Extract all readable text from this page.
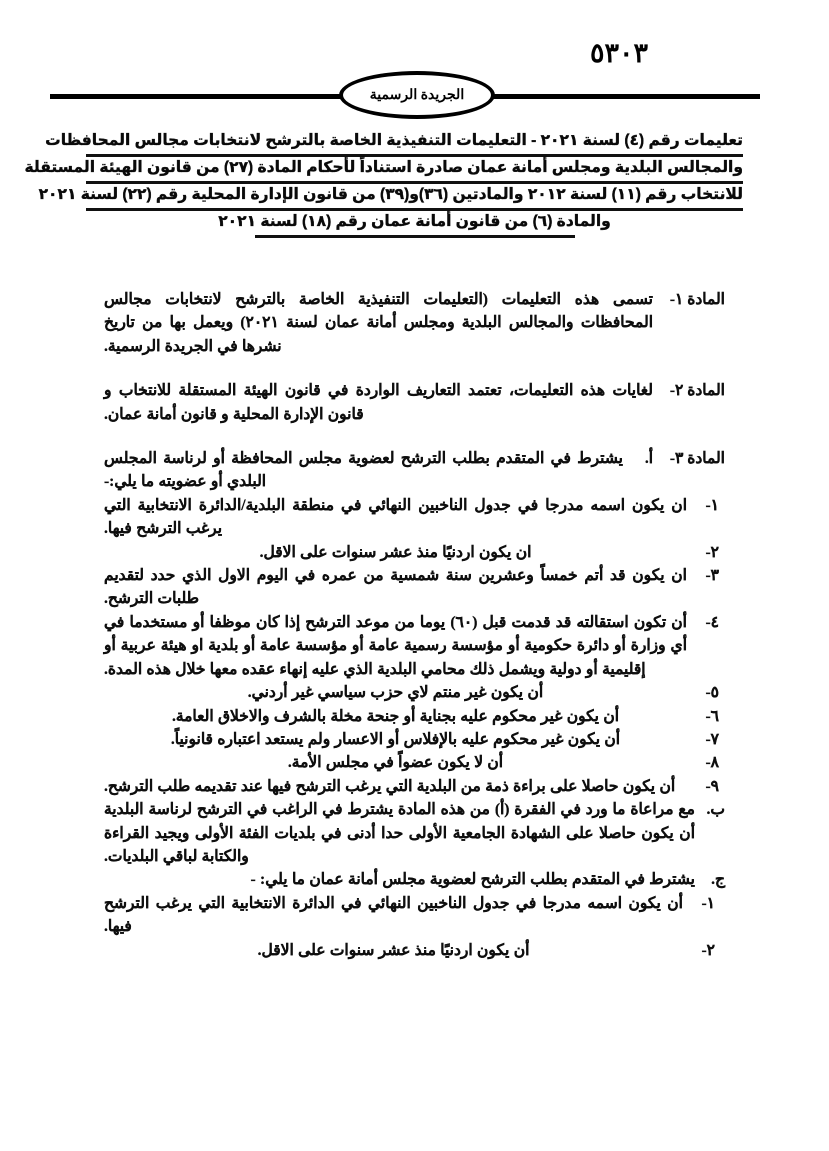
٥٣٠٣
الجريدة الرسمية
تعليمات رقم (٤) لسنة ٢٠٢١ - التعليمات التنفيذية الخاصة بالترشح لانتخابات مجالس المحافظات
والمجالس البلدية ومجلس أمانة عمان صادرة استناداً لأحكام المادة (٢٧) من قانون الهيئة المستقلة
للانتخاب رقم (١١) لسنة ٢٠١٢ والمادتين (٣٦)و(٣٩) من قانون الإدارة المحلية رقم (٢٢) لسنة ٢٠٢١
والمادة (٦) من قانون أمانة عمان رقم (١٨) لسنة ٢٠٢١
المادة ١-
تسمى هذه التعليمات (التعليمات التنفيذية الخاصة بالترشح لانتخابات مجالس المحافظات والمجالس البلدية ومجلس أمانة عمان لسنة ٢٠٢١) ويعمل بها من تاريخ نشرها في الجريدة الرسمية.
المادة ٢-
لغايات هذه التعليمات، تعتمد التعاريف الواردة في قانون الهيئة المستقلة للانتخاب و قانون الإدارة المحلية و قانون أمانة عمان.
المادة ٣-
أ.
يشترط في المتقدم بطلب الترشح لعضوية مجلس المحافظة أو لرناسة المجلس البلدي أو عضويته ما يلي:-
١-
ان يكون اسمه مدرجا في جدول الناخبين النهائي في منطقة البلدية/الدائرة الانتخابية التي يرغب الترشح فيها.
٢-
ان يكون اردنيًا منذ عشر سنوات على الاقل.
٣-
ان يكون قد أتم خمساً وعشرين سنة شمسية من عمره في اليوم الاول الذي حدد لتقديم طلبات الترشح.
٤-
أن تكون استقالته قد قدمت قبل (٦٠) يوما من موعد الترشح إذا كان موظفا أو مستخدما في أي وزارة أو دائرة حكومية أو مؤسسة رسمية عامة أو مؤسسة عامة أو بلدية او هيئة عربية أو إقليمية أو دولية ويشمل ذلك محامي البلدية الذي عليه إنهاء عقده معها خلال هذه المدة.
٥-
أن يكون غير منتم لاي حزب سياسي غير أردني.
٦-
أن يكون غير محكوم عليه بجناية أو جنحة مخلة بالشرف والاخلاق العامة.
٧-
أن يكون غير محكوم عليه بالإفلاس أو الاعسار ولم يستعد اعتباره قانونياً.
٨-
أن لا يكون عضواً في مجلس الأمة.
٩-
أن يكون حاصلا على براءة ذمة من البلدية التي يرغب الترشح فيها عند تقديمه طلب الترشح.
ب.
مع مراعاة ما ورد في الفقرة (أ) من هذه المادة يشترط في الراغب في الترشح لرناسة البلدية أن يكون حاصلا على الشهادة الجامعية الأولى حدا أدنى في بلديات الفئة الأولى ويجيد القراءة والكتابة لباقي البلديات.
ج.
يشترط في المتقدم بطلب الترشح لعضوية مجلس أمانة عمان ما يلي: -
١-
أن يكون اسمه مدرجا في جدول الناخبين النهائي في الدائرة الانتخابية التي يرغب الترشح فيها.
٢-
أن يكون اردنيًا منذ عشر سنوات على الاقل.
